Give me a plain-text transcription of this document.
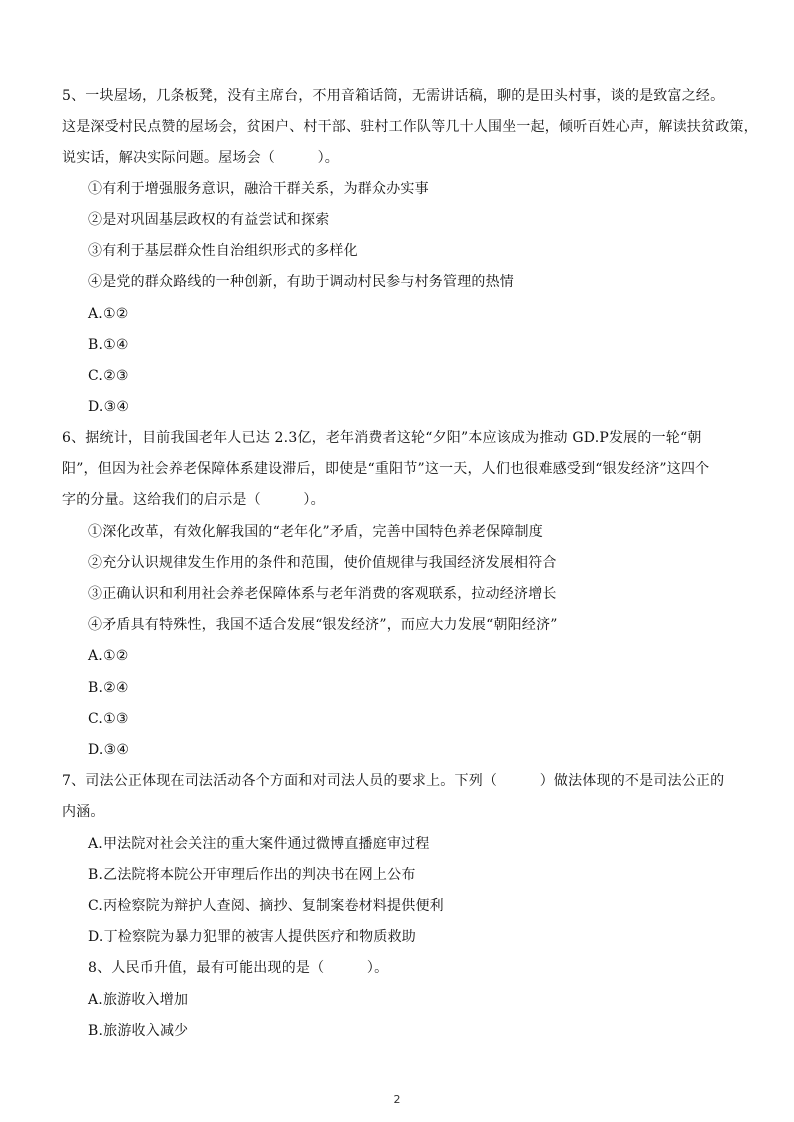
5、一块屋场，几条板凳，没有主席台，不用音箱话筒，无需讲话稿，聊的是田头村事，谈的是致富之经。
这是深受村民点赞的屋场会，贫困户、村干部、驻村工作队等几十人围坐一起，倾听百姓心声，解读扶贫政策，
说实话，解决实际问题。屋场会（　　　）。
①有利于增强服务意识，融洽干群关系，为群众办实事
②是对巩固基层政权的有益尝试和探索
③有利于基层群众性自治组织形式的多样化
④是党的群众路线的一种创新，有助于调动村民参与村务管理的热情
A.①②
B.①④
C.②③
D.③④
6、据统计，目前我国老年人已达 2.3亿，老年消费者这轮“夕阳”本应该成为推动 GD.P发展的一轮“朝
阳”，但因为社会养老保障体系建设滞后，即使是“重阳节”这一天，人们也很难感受到“银发经济”这四个
字的分量。这给我们的启示是（　　　）。
①深化改革，有效化解我国的“老年化”矛盾，完善中国特色养老保障制度
②充分认识规律发生作用的条件和范围，使价值规律与我国经济发展相符合
③正确认识和利用社会养老保障体系与老年消费的客观联系，拉动经济增长
④矛盾具有特殊性，我国不适合发展“银发经济”，而应大力发展“朝阳经济”
A.①②
B.②④
C.①③
D.③④
7、司法公正体现在司法活动各个方面和对司法人员的要求上。下列（　　　）做法体现的不是司法公正的
内涵。
A.甲法院对社会关注的重大案件通过微博直播庭审过程
B.乙法院将本院公开审理后作出的判决书在网上公布
C.丙检察院为辩护人查阅、摘抄、复制案卷材料提供便利
D.丁检察院为暴力犯罪的被害人提供医疗和物质救助
8、人民币升值，最有可能出现的是（　　　）。
A.旅游收入增加
B.旅游收入减少
2
